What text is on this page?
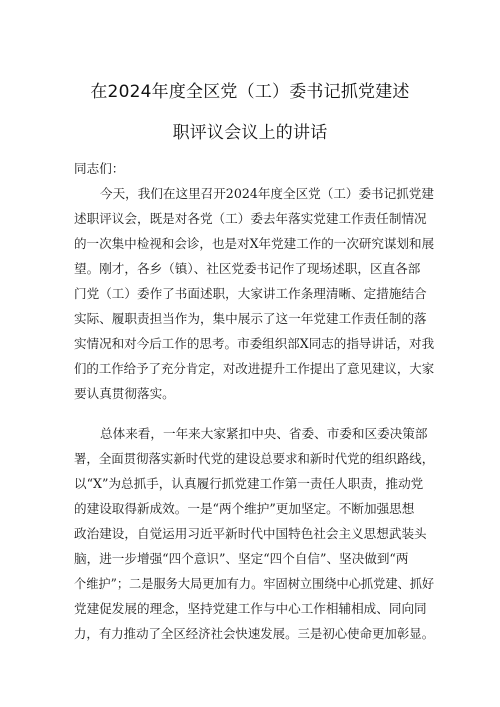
在2024年度全区党（工）委书记抓党建述
职评议会议上的讲话
同志们：
今天，我们在这里召开2024年度全区党（工）委书记抓党建
述职评议会，既是对各党（工）委去年落实党建工作责任制情况
的一次集中检视和会诊，也是对X年党建工作的一次研究谋划和展
望。刚才，各乡（镇）、社区党委书记作了现场述职，区直各部
门党（工）委作了书面述职，大家讲工作条理清晰、定措施结合
实际、履职责担当作为，集中展示了这一年党建工作责任制的落
实情况和对今后工作的思考。市委组织部X同志的指导讲话，对我
们的工作给予了充分肯定，对改进提升工作提出了意见建议，大家
要认真贯彻落实。
总体来看，一年来大家紧扣中央、省委、市委和区委决策部
署，全面贯彻落实新时代党的建设总要求和新时代党的组织路线，
以“X”为总抓手，认真履行抓党建工作第一责任人职责，推动党
的建设取得新成效。一是“两个维护”更加坚定。不断加强思想
政治建设，自觉运用习近平新时代中国特色社会主义思想武装头
脑，进一步增强“四个意识”、坚定“四个自信”、坚决做到“两
个维护”；二是服务大局更加有力。牢固树立围绕中心抓党建、抓好
党建促发展的理念，坚持党建工作与中心工作相辅相成、同向同
力，有力推动了全区经济社会快速发展。三是初心使命更加彰显。
